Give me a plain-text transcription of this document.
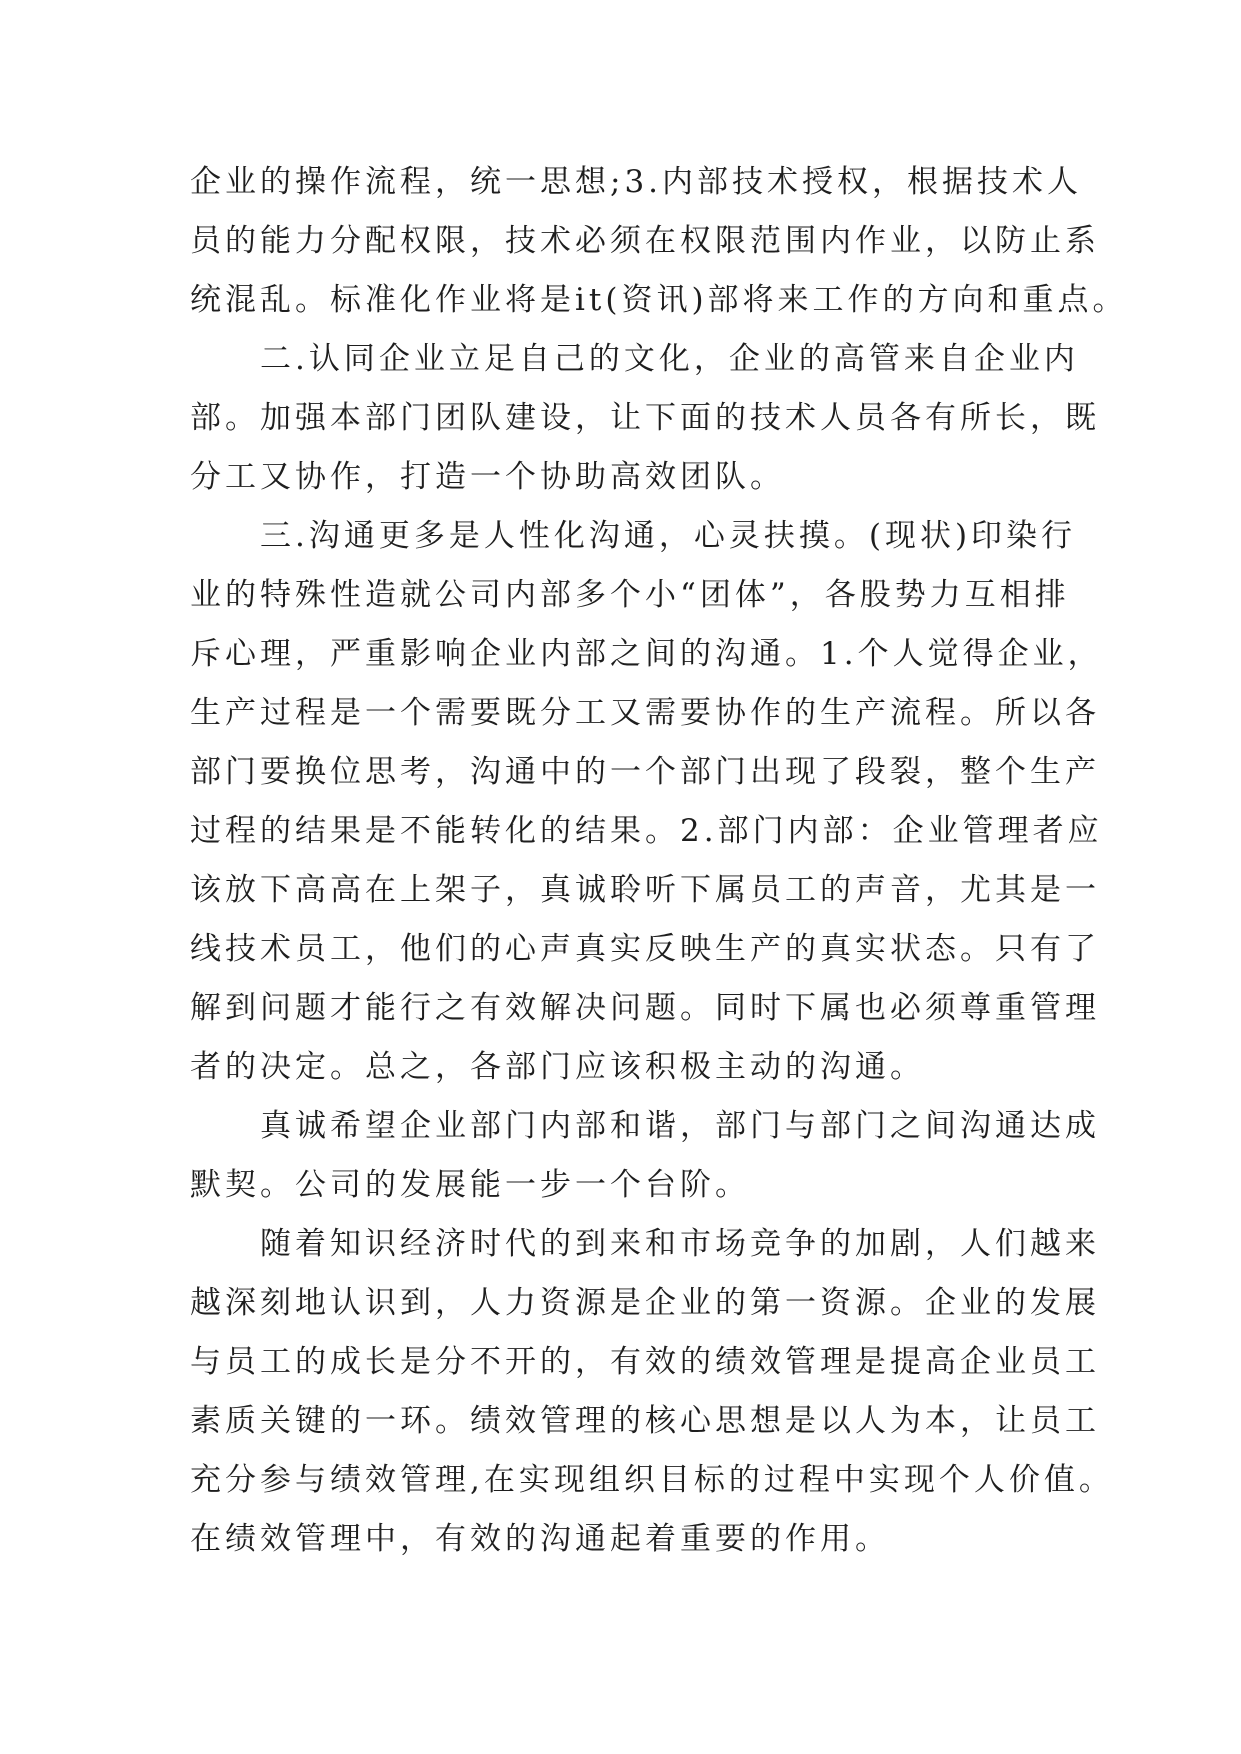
企业的操作流程，统一思想;3.内部技术授权，根据技术人
员的能力分配权限，技术必须在权限范围内作业，以防止系
统混乱。标准化作业将是it(资讯)部将来工作的方向和重点。
二.认同企业立足自己的文化，企业的高管来自企业内
部。加强本部门团队建设，让下面的技术人员各有所长，既
分工又协作，打造一个协助高效团队。
三.沟通更多是人性化沟通，心灵扶摸。(现状)印染行
业的特殊性造就公司内部多个小“团体”，各股势力互相排
斥心理，严重影响企业内部之间的沟通。1.个人觉得企业，
生产过程是一个需要既分工又需要协作的生产流程。所以各
部门要换位思考，沟通中的一个部门出现了段裂，整个生产
过程的结果是不能转化的结果。2.部门内部：企业管理者应
该放下高高在上架子，真诚聆听下属员工的声音，尤其是一
线技术员工，他们的心声真实反映生产的真实状态。只有了
解到问题才能行之有效解决问题。同时下属也必须尊重管理
者的决定。总之，各部门应该积极主动的沟通。
真诚希望企业部门内部和谐，部门与部门之间沟通达成
默契。公司的发展能一步一个台阶。
随着知识经济时代的到来和市场竞争的加剧，人们越来
越深刻地认识到，人力资源是企业的第一资源。企业的发展
与员工的成长是分不开的，有效的绩效管理是提高企业员工
素质关键的一环。绩效管理的核心思想是以人为本，让员工
充分参与绩效管理,在实现组织目标的过程中实现个人价值。
在绩效管理中，有效的沟通起着重要的作用。
